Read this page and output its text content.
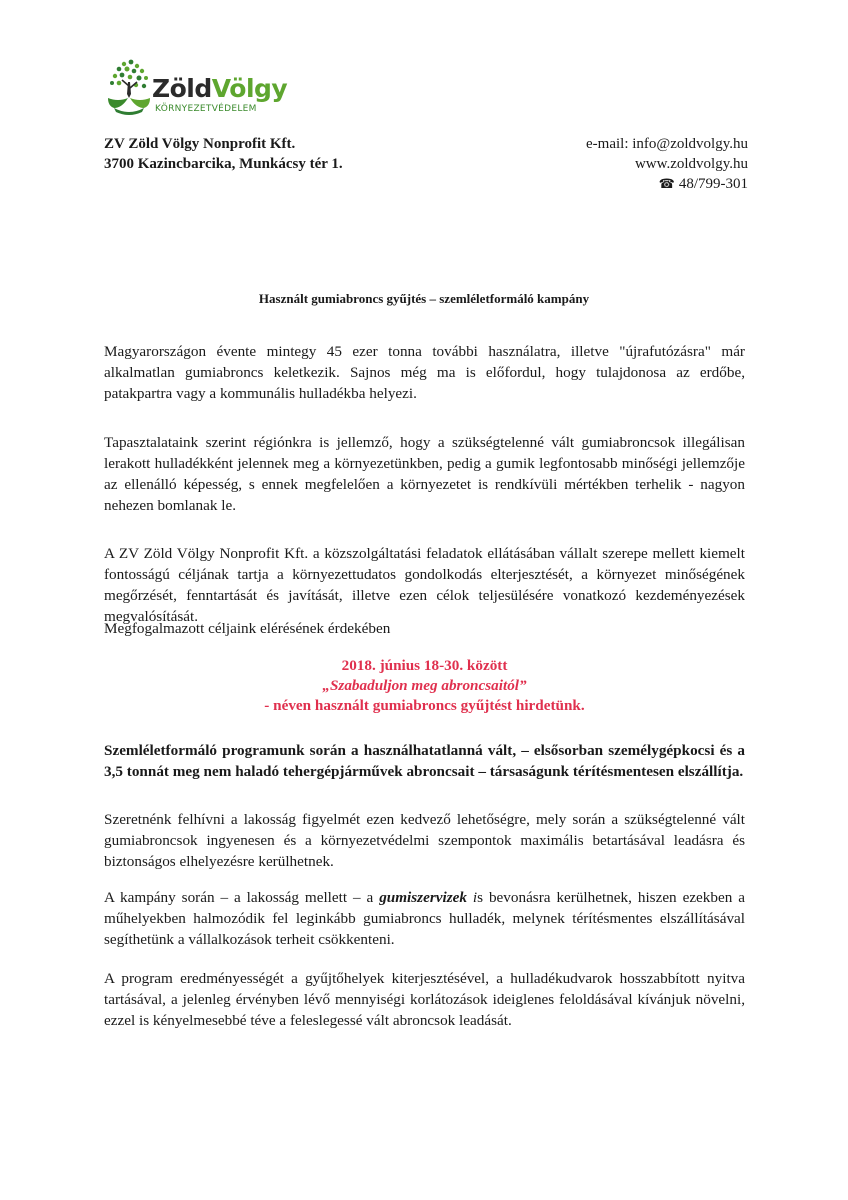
ZöldVölgy
KÖRNYEZETVÉDELEM
ZV Zöld Völgy Nonprofit Kft.
3700 Kazincbarcika, Munkácsy tér 1.
e-mail: info@zoldvolgy.hu
www.zoldvolgy.hu
☎ 48/799-301
Használt gumiabroncs gyűjtés – szemléletformáló kampány

Magyarországon évente mintegy 45 ezer tonna további használatra, illetve "újrafutózásra" már alkalmatlan gumiabroncs keletkezik. Sajnos még ma is előfordul, hogy tulajdonosa az erdőbe, patakpartra vagy a kommunális hulladékba helyezi.

Tapasztalataink szerint régiónkra is jellemző, hogy a szükségtelenné vált gumiabroncsok illegálisan lerakott hulladékként jelennek meg a környezetünkben, pedig a gumik legfontosabb minőségi jellemzője az ellenálló képesség, s ennek megfelelően a környezetet is rendkívüli mértékben terhelik - nagyon nehezen bomlanak le.

A ZV Zöld Völgy Nonprofit Kft. a közszolgáltatási feladatok ellátásában vállalt szerepe mellett kiemelt fontosságú céljának tartja a környezettudatos gondolkodás elterjesztését, a környezet minőségének megőrzését, fenntartását és javítását, illetve ezen célok teljesülésére vonatkozó kezdeményezések megvalósítását.

Megfogalmazott céljaink elérésének érdekében

2018. június 18-30. között
„Szabaduljon meg abroncsaitól”
- néven használt gumiabroncs gyűjtést hirdetünk.
Szemléletformáló programunk során a használhatatlanná vált, – elsősorban személygépkocsi és a 3,5 tonnát meg nem haladó tehergépjárművek abroncsait – társaságunk térítésmentesen elszállítja.

Szeretnénk felhívni a lakosság figyelmét ezen kedvező lehetőségre, mely során a szükségtelenné vált gumiabroncsok ingyenesen és a környezetvédelmi szempontok maximális betartásával leadásra és biztonságos elhelyezésre kerülhetnek.

A kampány során – a lakosság mellett – a gumiszervizek is bevonásra kerülhetnek, hiszen ezekben a műhelyekben halmozódik fel leginkább gumiabroncs hulladék, melynek térítésmentes elszállításával segíthetünk a vállalkozások terheit csökkenteni.

A program eredményességét a gyűjtőhelyek kiterjesztésével, a hulladékudvarok hosszabbított nyitva tartásával, a jelenleg érvényben lévő mennyiségi korlátozások ideiglenes feloldásával kívánjuk növelni, ezzel is kényelmesebbé téve a feleslegessé vált abroncsok leadását.
